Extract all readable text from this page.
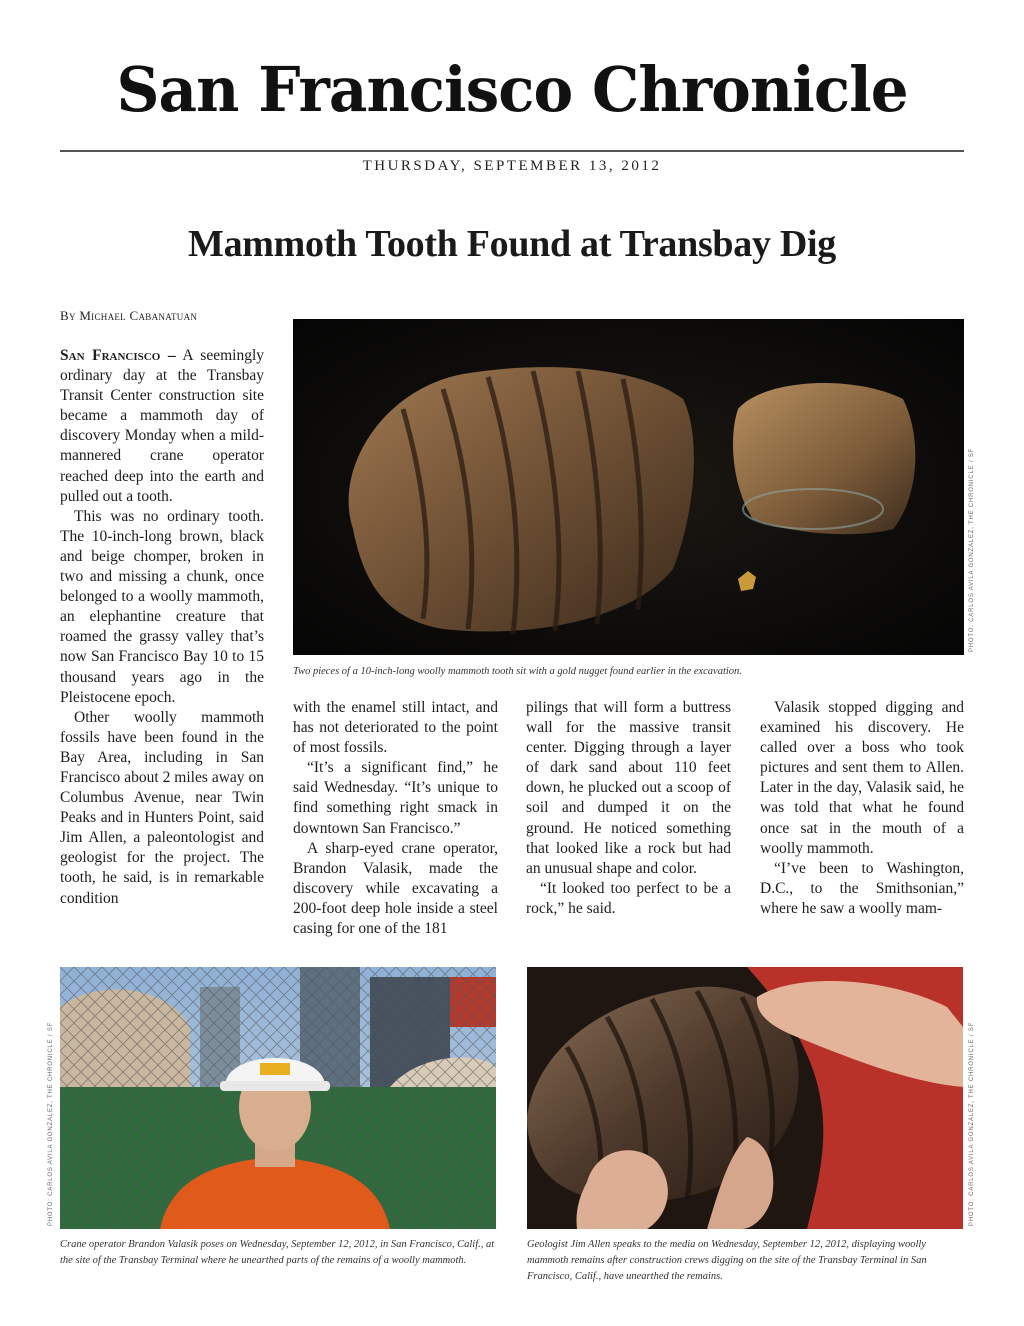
San Francisco Chronicle
THURSDAY, SEPTEMBER 13, 2012
Mammoth Tooth Found at Transbay Dig
By Michael Cabanatuan

San Francisco – A seemingly ordinary day at the Transbay Transit Center construction site became a mammoth day of discovery Monday when a mild-mannered crane operator reached deep into the earth and pulled out a tooth.

This was no ordinary tooth. The 10-inch-long brown, black and beige chomper, broken in two and missing a chunk, once belonged to a woolly mammoth, an elephantine creature that roamed the grassy valley that’s now San Francisco Bay 10 to 15 thousand years ago in the Pleistocene epoch.

Other woolly mammoth fossils have been found in the Bay Area, including in San Francisco about 2 miles away on Columbus Avenue, near Twin Peaks and in Hunters Point, said Jim Allen, a paleontologist and geologist for the project. The tooth, he said, is in remarkable condition

PHOTO: CARLOS AVILA GONZALEZ, THE CHRONICLE / SF
Two pieces of a 10-inch-long woolly mammoth tooth sit with a gold nugget found earlier in the excavation.

with the enamel still intact, and has not deteriorated to the point of most fossils.

“It’s a significant find,” he said Wednesday. “It’s unique to find something right smack in downtown San Francisco.”

A sharp-eyed crane operator, Brandon Valasik, made the discovery while excavating a 200-foot deep hole inside a steel casing for one of the 181

pilings that will form a buttress wall for the massive transit center. Digging through a layer of dark sand about 110 feet down, he plucked out a scoop of soil and dumped it on the ground. He noticed something that looked like a rock but had an unusual shape and color.

“It looked too perfect to be a rock,” he said.

Valasik stopped digging and examined his discovery. He called over a boss who took pictures and sent them to Allen. Later in the day, Valasik said, he was told that what he found once sat in the mouth of a woolly mammoth.

“I’ve been to Washington, D.C., to the Smithsonian,” where he saw a woolly mam-

PHOTO: CARLOS AVILA GONZALEZ, THE CHRONICLE / SF
Crane operator Brandon Valasik poses on Wednesday, September 12, 2012, in San Francisco, Calif., at the site of the Transbay Terminal where he unearthed parts of the remains of a woolly mammoth.
PHOTO: CARLOS AVILA GONZALEZ, THE CHRONICLE / SF
Geologist Jim Allen speaks to the media on Wednesday, September 12, 2012, displaying woolly mammoth remains after construction crews digging on the site of the Transbay Terminal in San Francisco, Calif., have unearthed the remains.
